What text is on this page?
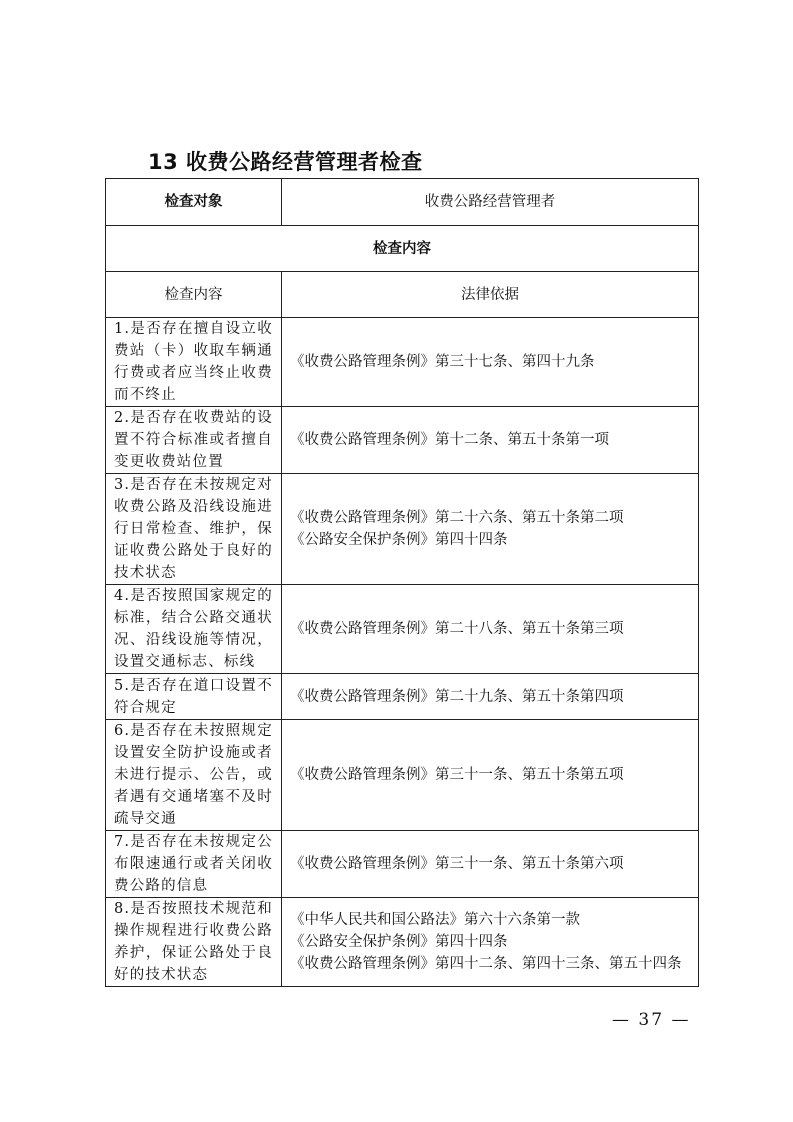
13 收费公路经营管理者检查
检查对象	收费公路经营管理者
检查内容	
检查内容	法律依据
1.是否存在擅自设立收费站（卡）收取车辆通行费或者应当终止收费而不终止	《收费公路管理条例》第三十七条、第四十九条

2.是否存在收费站的设置不符合标准或者擅自变更收费站位置	《收费公路管理条例》第十二条、第五十条第一项

3.是否存在未按规定对收费公路及沿线设施进行日常检查、维护，保证收费公路处于良好的技术状态	《收费公路管理条例》第二十六条、第五十条第二项
《公路安全保护条例》第四十四条

4.是否按照国家规定的标准，结合公路交通状况、沿线设施等情况，设置交通标志、标线	《收费公路管理条例》第二十八条、第五十条第三项

5.是否存在道口设置不符合规定	《收费公路管理条例》第二十九条、第五十条第四项

6.是否存在未按照规定设置安全防护设施或者未进行提示、公告，或者遇有交通堵塞不及时疏导交通	《收费公路管理条例》第三十一条、第五十条第五项

7.是否存在未按规定公布限速通行或者关闭收费公路的信息	《收费公路管理条例》第三十一条、第五十条第六项

8.是否按照技术规范和操作规程进行收费公路养护，保证公路处于良好的技术状态	《中华人民共和国公路法》第六十六条第一款
《公路安全保护条例》第四十四条
《收费公路管理条例》第四十二条、第四十三条、第五十四条
— 37 —
